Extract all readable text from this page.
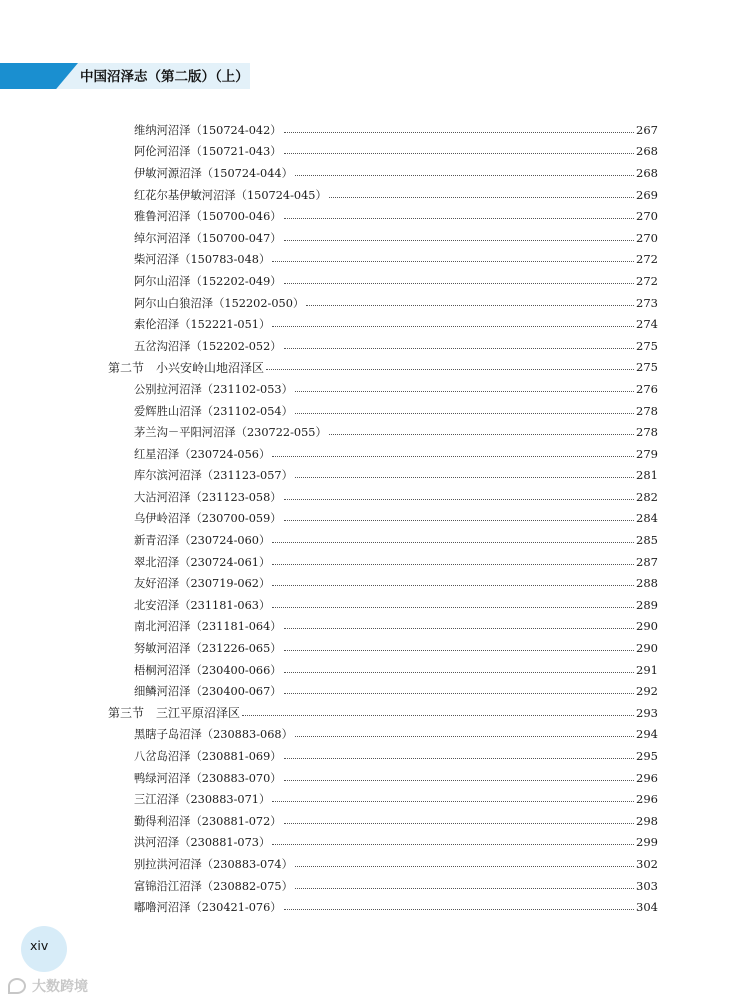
中国沼泽志（第二版）（上）
维纳河沼泽（150724-042）	267
阿伦河沼泽（150721-043）	268
伊敏河源沼泽（150724-044）	268
红花尔基伊敏河沼泽（150724-045）	269
雅鲁河沼泽（150700-046）	270
绰尔河沼泽（150700-047）	270
柴河沼泽（150783-048）	272
阿尔山沼泽（152202-049）	272
阿尔山白狼沼泽（152202-050）	273
索伦沼泽（152221-051）	274
五岔沟沼泽（152202-052）	275
第二节 小兴安岭山地沼泽区	275
公别拉河沼泽（231102-053）	276
爱辉胜山沼泽（231102-054）	278
茅兰沟－平阳河沼泽（230722-055）	278
红星沼泽（230724-056）	279
库尔滨河沼泽（231123-057）	281
大沾河沼泽（231123-058）	282
乌伊岭沼泽（230700-059）	284
新青沼泽（230724-060）	285
翠北沼泽（230724-061）	287
友好沼泽（230719-062）	288
北安沼泽（231181-063）	289
南北河沼泽（231181-064）	290
努敏河沼泽（231226-065）	290
梧桐河沼泽（230400-066）	291
细鳞河沼泽（230400-067）	292
第三节 三江平原沼泽区	293
黑瞎子岛沼泽（230883-068）	294
八岔岛沼泽（230881-069）	295
鸭绿河沼泽（230883-070）	296
三江沼泽（230883-071）	296
勤得利沼泽（230881-072）	298
洪河沼泽（230881-073）	299
别拉洪河沼泽（230883-074）	302
富锦沿江沼泽（230882-075）	303
嘟噜河沼泽（230421-076）	304
xiv
大数跨境
